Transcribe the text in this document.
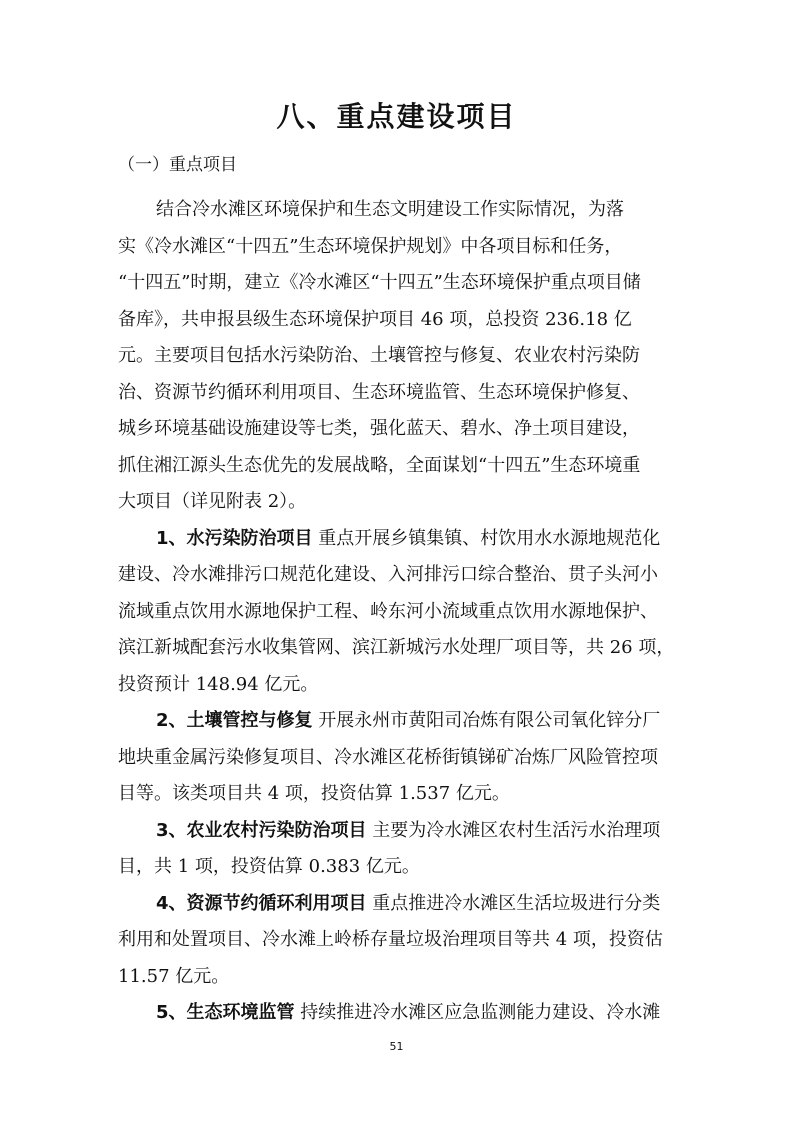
八、重点建设项目
（一）重点项目
结合冷水滩区环境保护和生态文明建设工作实际情况，为落
实《冷水滩区“十四五”生态环境保护规划》中各项目标和任务，
“十四五”时期，建立《冷水滩区“十四五”生态环境保护重点项目储
备库》，共申报县级生态环境保护项目 46 项，总投资 236.18 亿
元。主要项目包括水污染防治、土壤管控与修复、农业农村污染防
治、资源节约循环利用项目、生态环境监管、生态环境保护修复、
城乡环境基础设施建设等七类，强化蓝天、碧水、净土项目建设，
抓住湘江源头生态优先的发展战略，全面谋划“十四五”生态环境重
大项目（详见附表 2）。
1、水污染防治项目 重点开展乡镇集镇、村饮用水水源地规范化
建设、冷水滩排污口规范化建设、入河排污口综合整治、贯子头河小
流域重点饮用水源地保护工程、岭东河小流域重点饮用水源地保护、
滨江新城配套污水收集管网、滨江新城污水处理厂项目等，共 26 项，
投资预计 148.94 亿元。
2、土壤管控与修复 开展永州市黄阳司冶炼有限公司氧化锌分厂
地块重金属污染修复项目、冷水滩区花桥街镇锑矿冶炼厂风险管控项
目等。该类项目共 4 项，投资估算 1.537 亿元。
3、农业农村污染防治项目 主要为冷水滩区农村生活污水治理项
目，共 1 项，投资估算 0.383 亿元。
4、资源节约循环利用项目 重点推进冷水滩区生活垃圾进行分类
利用和处置项目、冷水滩上岭桥存量垃圾治理项目等共 4 项，投资估
11.57 亿元。
5、生态环境监管 持续推进冷水滩区应急监测能力建设、冷水滩
51
